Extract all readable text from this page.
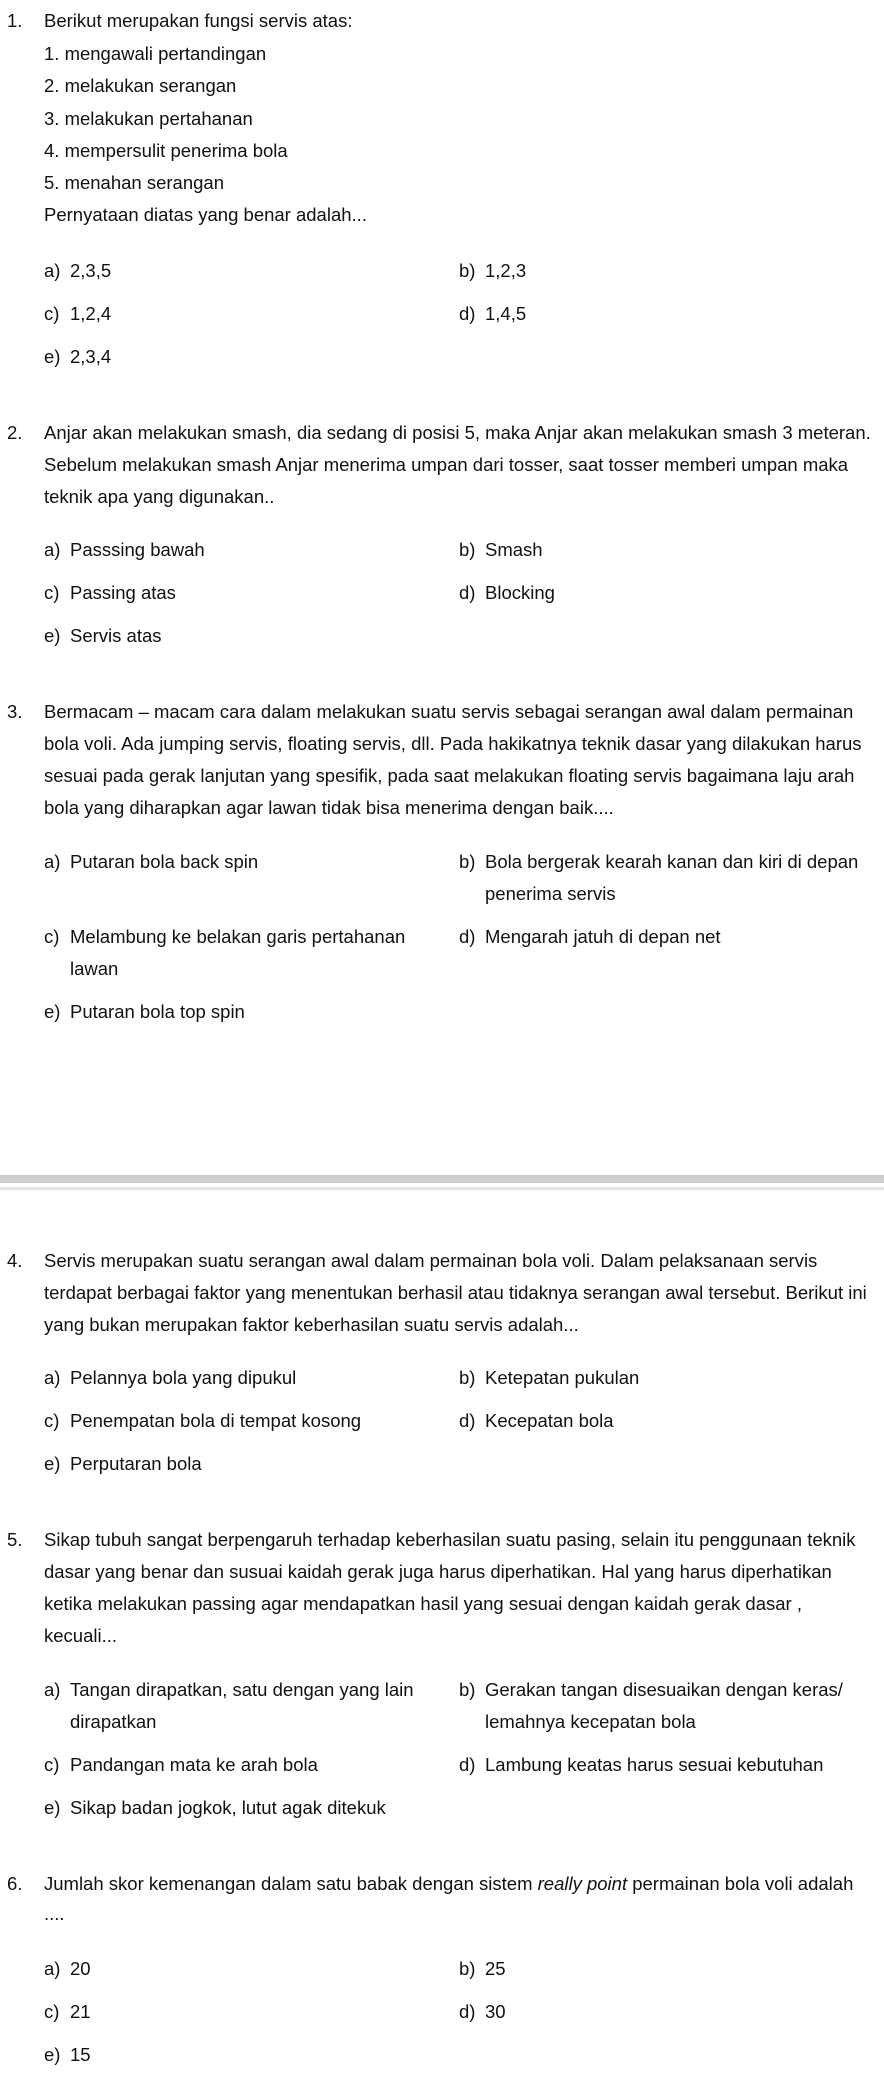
1. Berikut merupakan fungsi servis atas:
1. mengawali pertandingan
2. melakukan serangan
3. melakukan pertahanan
4. mempersulit penerima bola
5. menahan serangan
Pernyataan diatas yang benar adalah...
a) 2,3,5	b) 1,2,3
c) 1,2,4	d) 1,4,5
e) 2,3,4
2. Anjar akan melakukan smash, dia sedang di posisi 5, maka Anjar akan melakukan smash 3 meteran.
Sebelum melakukan smash Anjar menerima umpan dari tosser, saat tosser memberi umpan maka
teknik apa yang digunakan..
a) Passsing bawah	b) Smash
c) Passing atas	d) Blocking
e) Servis atas
3. Bermacam – macam cara dalam melakukan suatu servis sebagai serangan awal dalam permainan
bola voli. Ada jumping servis, floating servis, dll. Pada hakikatnya teknik dasar yang dilakukan harus
sesuai pada gerak lanjutan yang spesifik, pada saat melakukan floating servis bagaimana laju arah
bola yang diharapkan agar lawan tidak bisa menerima dengan baik....
a) Putaran bola back spin	b) Bola bergerak kearah kanan dan kiri di depan
penerima servis
c) Melambung ke belakan garis pertahanan
lawan
d) Mengarah jatuh di depan net
e) Putaran bola top spin
4. Servis merupakan suatu serangan awal dalam permainan bola voli. Dalam pelaksanaan servis
terdapat berbagai faktor yang menentukan berhasil atau tidaknya serangan awal tersebut. Berikut ini
yang bukan merupakan faktor keberhasilan suatu servis adalah...
a) Pelannya bola yang dipukul	b) Ketepatan pukulan
c) Penempatan bola di tempat kosong	d) Kecepatan bola
e) Perputaran bola
5. Sikap tubuh sangat berpengaruh terhadap keberhasilan suatu pasing, selain itu penggunaan teknik
dasar yang benar dan susuai kaidah gerak juga harus diperhatikan. Hal yang harus diperhatikan
ketika melakukan passing agar mendapatkan hasil yang sesuai dengan kaidah gerak dasar ,
kecuali...
a) Tangan dirapatkan, satu dengan yang lain
dirapatkan
b) Gerakan tangan disesuaikan dengan keras/
lemahnya kecepatan bola
c) Pandangan mata ke arah bola	d) Lambung keatas harus sesuai kebutuhan
e) Sikap badan jogkok, lutut agak ditekuk
6. Jumlah skor kemenangan dalam satu babak dengan sistem really point permainan bola voli adalah
....
a) 20	b) 25
c) 21	d) 30
e) 15
